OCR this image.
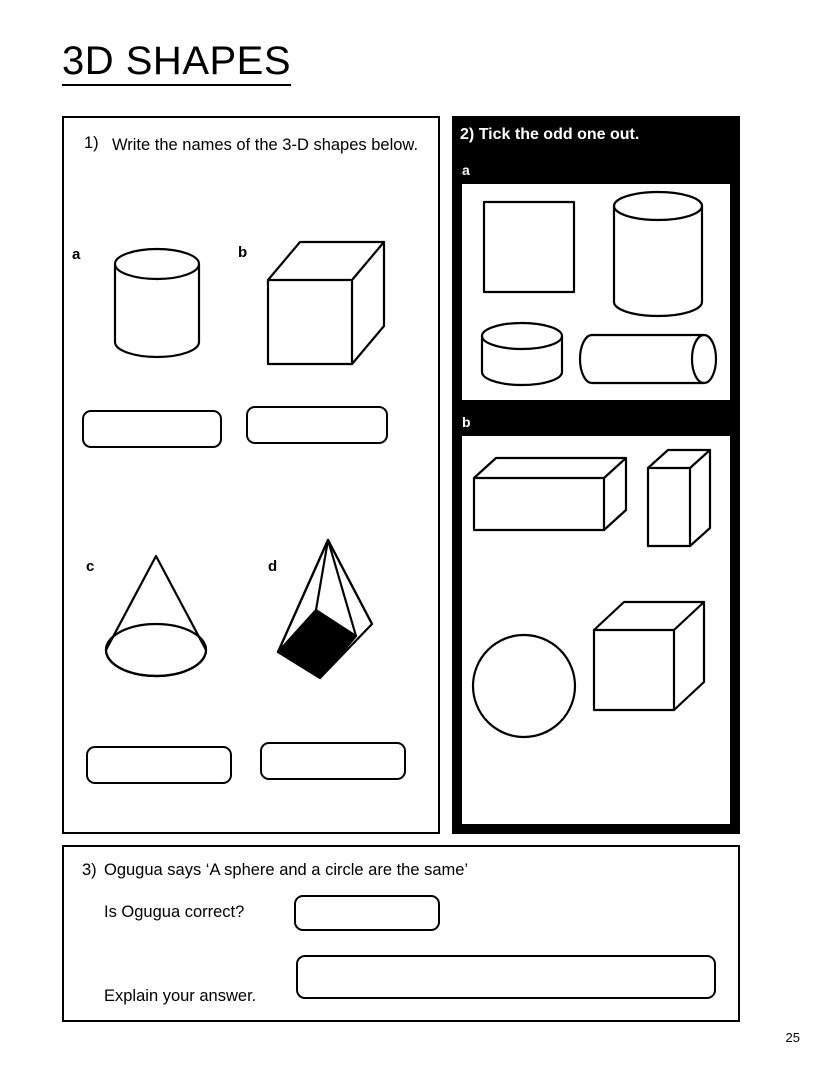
3D SHAPES
1) Write the names of the 3-D shapes below.
a	b
c	d
2) Tick the odd one out.
a
b
3) Ogugua says ‘A sphere and a circle are the same’
Is Ogugua correct?
Explain your answer.
25
